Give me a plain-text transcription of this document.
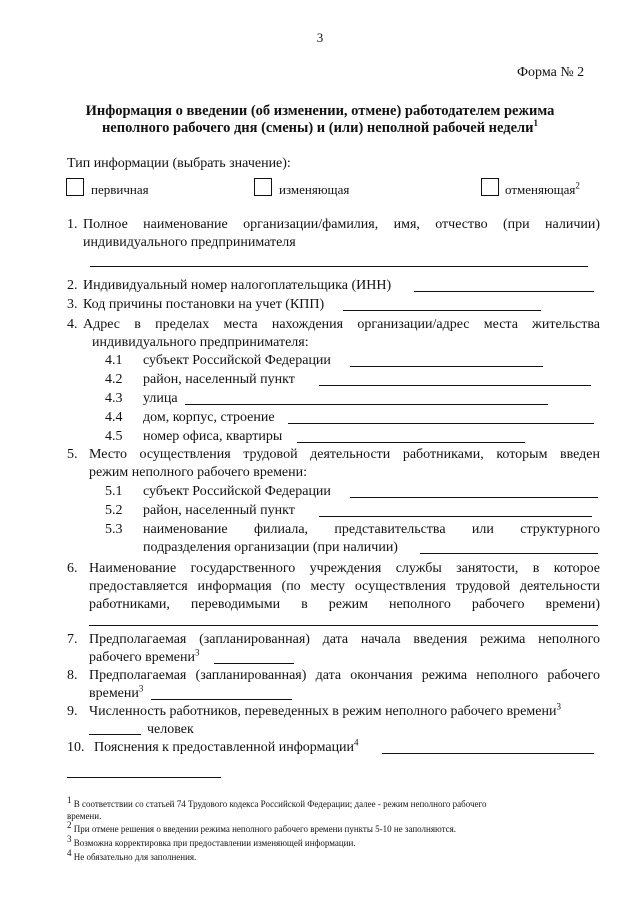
3
Форма № 2
Информация о введении (об изменении, отмене) работодателем режима
неполного рабочего дня (смены) и (или) неполной рабочей недели$^1$
Тип информации (выбрать значение):
первичная	изменяющая	отменяющая$^2$
1. Полное наименование организации/фамилия, имя, отчество (при наличии)
индивидуального предпринимателя
2. Индивидуальный номер налогоплательщика (ИНН)
3. Код причины постановки на учет (КПП)
4. Адрес в пределах места нахождения организации/адрес места жительства
индивидуального предпринимателя:
4.1 субъект Российской Федерации
4.2 район, населенный пункт
4.3 улица
4.4 дом, корпус, строение
4.5 номер офиса, квартиры
5. Место осуществления трудовой деятельности работниками, которым введен
режим неполного рабочего времени:
5.1 субъект Российской Федерации
5.2 район, населенный пункт
5.3 наименование филиала, представительства или структурного
подразделения организации (при наличии)
6. Наименование государственного учреждения службы занятости, в которое
предоставляется информация (по месту осуществления трудовой деятельности
работниками, переводимыми в режим неполного рабочего времени)
7. Предполагаемая (запланированная) дата начала введения режима неполного
рабочего времени$^3$
8. Предполагаемая (запланированная) дата окончания режима неполного рабочего
времени$^3$
9. Численность работников, переведенных в режим неполного рабочего времени$^3$
человек
10. Пояснения к предоставленной информации$^4$
$^1$ В соответствии со статьей 74 Трудового кодекса Российской Федерации; далее - режим неполного рабочего
времени.
$^2$ При отмене решения о введении режима неполного рабочего времени пункты 5-10 не заполняются.
$^3$ Возможна корректировка при предоставлении изменяющей информации.
$^4$ Не обязательно для заполнения.
